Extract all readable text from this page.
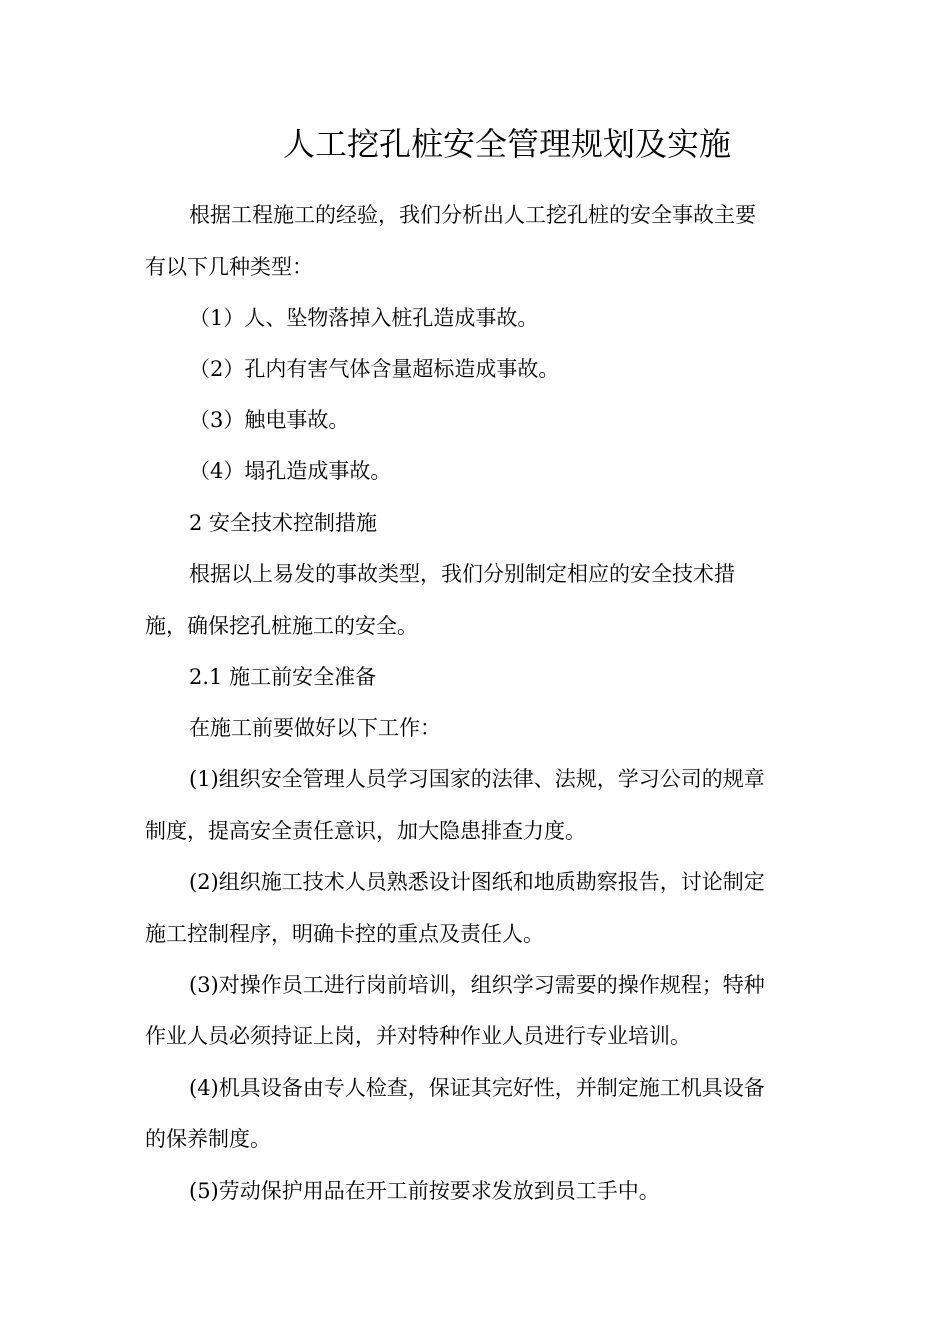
人工挖孔桩安全管理规划及实施
根据工程施工的经验，我们分析出人工挖孔桩的安全事故主要
有以下几种类型：
（1）人、坠物落掉入桩孔造成事故。
（2）孔内有害气体含量超标造成事故。
（3）触电事故。
（4）塌孔造成事故。
2 安全技术控制措施
根据以上易发的事故类型，我们分别制定相应的安全技术措
施，确保挖孔桩施工的安全。
2.1 施工前安全准备
在施工前要做好以下工作：
(1)组织安全管理人员学习国家的法律、法规，学习公司的规章
制度，提高安全责任意识，加大隐患排查力度。
(2)组织施工技术人员熟悉设计图纸和地质勘察报告，讨论制定
施工控制程序，明确卡控的重点及责任人。
(3)对操作员工进行岗前培训，组织学习需要的操作规程；特种
作业人员必须持证上岗，并对特种作业人员进行专业培训。
(4)机具设备由专人检查，保证其完好性，并制定施工机具设备
的保养制度。
(5)劳动保护用品在开工前按要求发放到员工手中。
